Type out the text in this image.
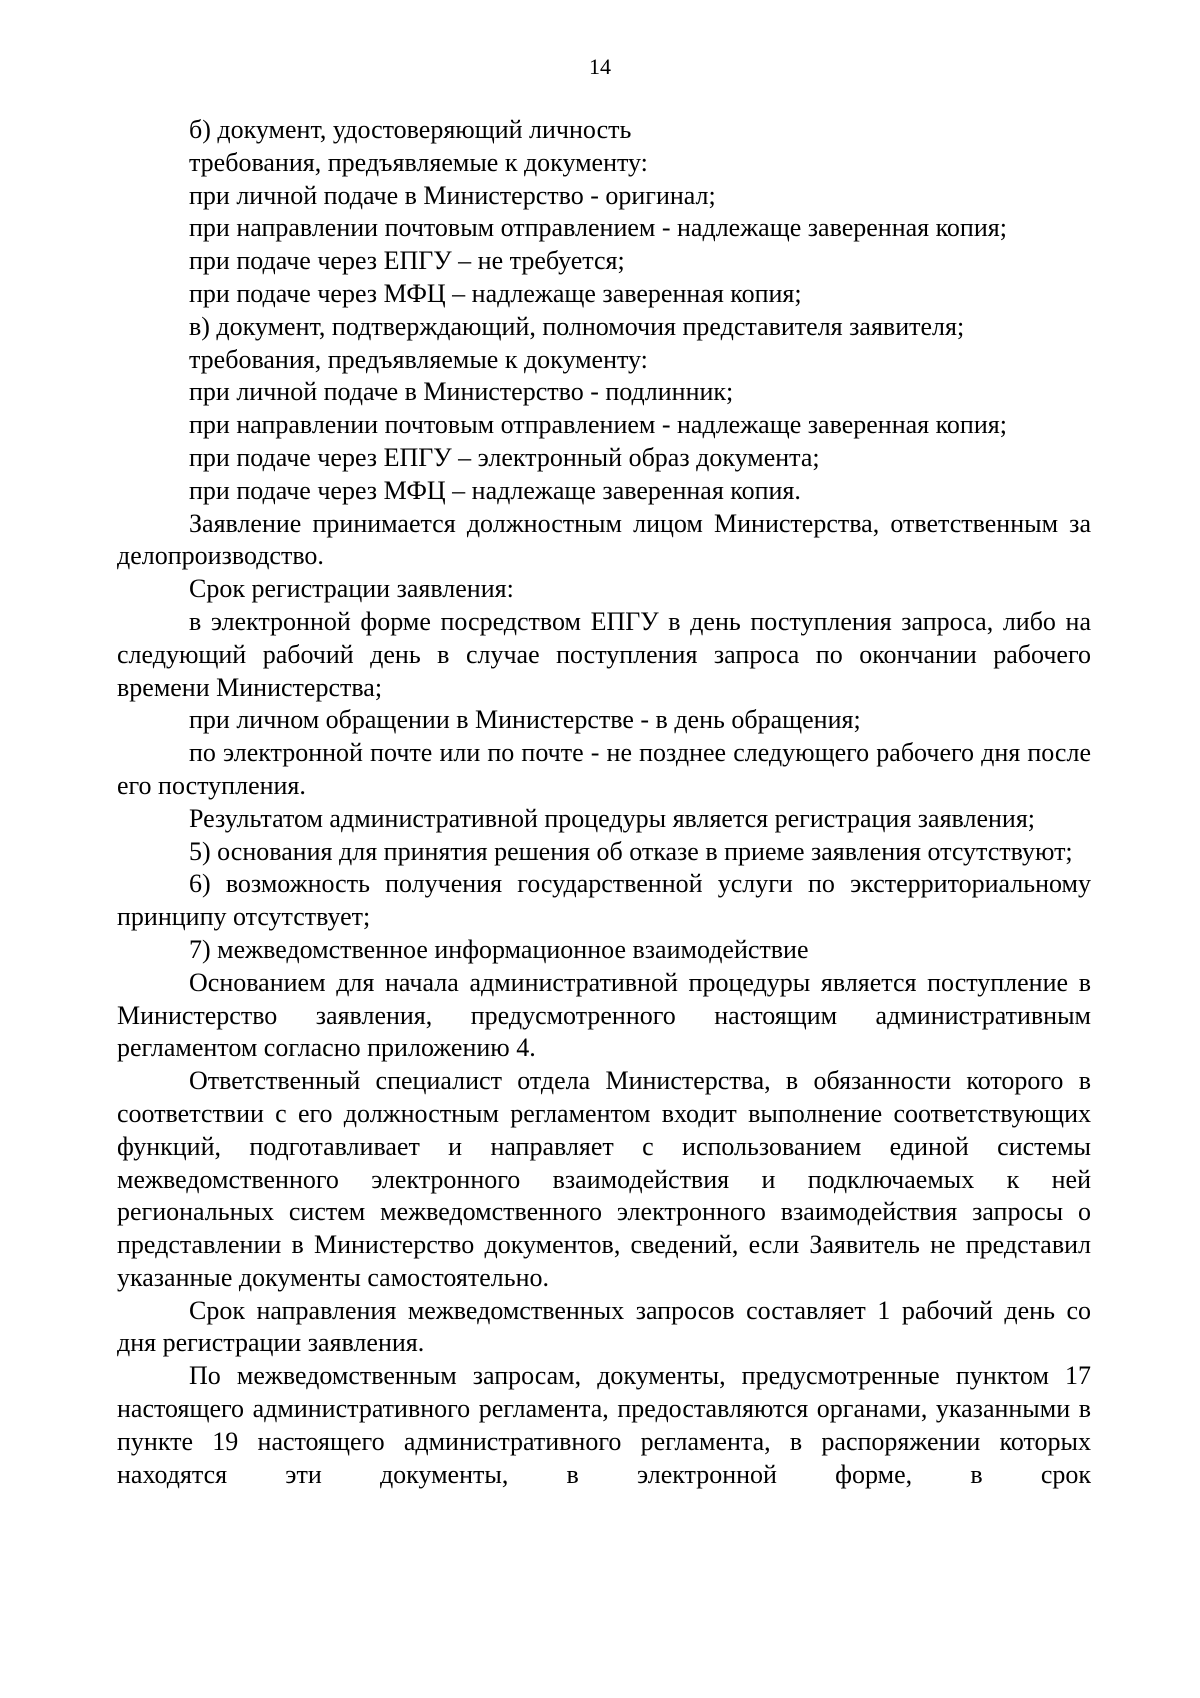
14

б) документ, удостоверяющий личность

требования, предъявляемые к документу:

при личной подаче в Министерство - оригинал;

при направлении почтовым отправлением - надлежаще заверенная копия;

при подаче через ЕПГУ – не требуется;

при подаче через МФЦ – надлежаще заверенная копия;

в) документ, подтверждающий, полномочия представителя заявителя;

требования, предъявляемые к документу:

при личной подаче в Министерство - подлинник;

при направлении почтовым отправлением - надлежаще заверенная копия;

при подаче через ЕПГУ – электронный образ документа;

при подаче через МФЦ – надлежаще заверенная копия.

Заявление принимается должностным лицом Министерства, ответственным за делопроизводство.

Срок регистрации заявления:

в электронной форме посредством ЕПГУ в день поступления запроса, либо на следующий рабочий день в случае поступления запроса по окончании рабочего времени Министерства;

при личном обращении в Министерстве - в день обращения;

по электронной почте или по почте - не позднее следующего рабочего дня после его поступления.

Результатом административной процедуры является регистрация заявления;

5) основания для принятия решения об отказе в приеме заявления отсутствуют;

6) возможность получения государственной услуги по экстерриториальному принципу отсутствует;

7) межведомственное информационное взаимодействие

Основанием для начала административной процедуры является поступление в Министерство заявления, предусмотренного настоящим административным регламентом согласно приложению 4.

Ответственный специалист отдела Министерства, в обязанности которого в соответствии с его должностным регламентом входит выполнение соответствующих функций, подготавливает и направляет с использованием единой системы межведомственного электронного взаимодействия и подключаемых к ней региональных систем межведомственного электронного взаимодействия запросы о представлении в Министерство документов, сведений, если Заявитель не представил указанные документы самостоятельно.

Срок направления межведомственных запросов составляет 1 рабочий день со дня регистрации заявления.

По межведомственным запросам, документы, предусмотренные пунктом 17 настоящего административного регламента, предоставляются органами, указанными в пункте 19 настоящего административного регламента, в распоряжении которых находятся эти документы, в электронной форме, в срок
